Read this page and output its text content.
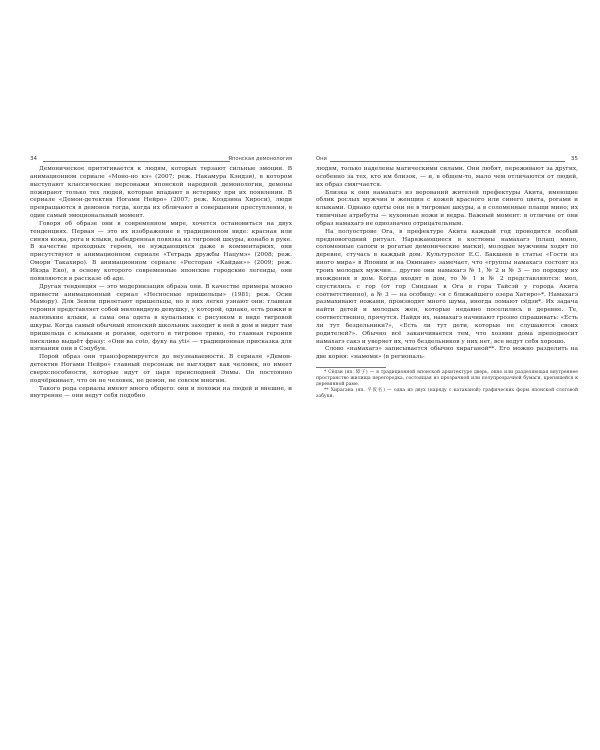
34	Японская демонология

Демоническое притягивается к людям, которых терзают сильные эмоции. В анимационном сериале «Моно-но кэ» (2007; реж. Накамура Кэндзи), в котором выступают классические персонажи японской народной демонологии, демоны пожирают только тех людей, которые впадают в истерику при их появлении. В сериале «Демон-детектив Ногами Нейро» (2007; реж. Коэдзина Хироси), люди превращаются в демонов тогда, когда их обличают в совершении преступления, в один самый эмоциональный момент.

Говоря об образе они в современном мире, хочется остановиться на двух тенденциях. Первая — это их изображение в традиционном виде: красная или синяя кожа, рога и клыки, набедренная повязка из тигровой шкуры, конабо в руке. В качестве проходных героев, не нуждающихся даже в комментариях, они присутствуют в анимационном сериале «Тетрадь дружбы Нацумэ» (2008; реж. Омори Такахиро). В анимационном сериале «Ресторан «Кайдан»» (2009; реж. Иkэда Еко), в основу которого современные японские городские легенды, они появляются в рассказе об аде.

Другая тенденция — это модернизация образа они. В качестве примера можно привести анимационный сериал «Несносные пришельцы» (1981; реж. Осии Мамору). Для Земли прилетают пришельцы, но в них легко узнают они: главная героиня представляет собой миловидную девушку, у которой, однако, есть рожки и маленькие клыки, а сама она одета в купальник с рисунком в виде тигровой шкуры. Когда самый обычный японский школьник заходит к ней в дом и видит там пришельца с клыками и рогами, одетого в тигровое трико, то главная героиня пискливо выдаёт фразу: «Они ва соto, фуку ва уti» — традиционная присказка для изгнания они в Сэцубун.

Порой образ они трансформируется до неузнаваемости. В сериале «Демон-детектив Ногами Нейро» главный персонаж не выглядит как человек, но имеет сверхспособности, которые идут от царя преисподней Энмы. Он постоянно подчёркивает, что он не человек, не демон, не совсем многим.

Такого рода сериалы имеют много общего: они и похожи на людей и внешне, и внутренне — они ведут себя подобно

Они	35

людям, только наделены магическими силами. Они любят, переживают за других, особенно за тех, кто им близок, — и, в общем-то, мало чем отличаются от людей, их образ смягчается.

Близка к они намахагэ из верований жителей префектуры Акита, имеющие облик рослых мужчин и женщин с кожей красного или синего цвета, рогами и клыками. Однако одеты они не в тигровые шкуры, а в соломенные плащи мино; их типичные атрибуты — кухонные ножи и ведра. Важный момент: в отличие от они образ намахагэ не однозначно отрицательным.

На полуострове Ога, в префектуре Акита каждый год проводится особый предновогодний ритуал. Наряжающиеся в костюмы намахагэ (плащ мино, соломенные сапоги и рогатые демонические маски), молодые мужчины ходят по деревне, стучась в каждый дом. Культуролог Е.С. Бакшеев в статье «Гости из иного мира» в Японии и на Окинаве» замечает, что «группы намахагэ состоят из троих молодых мужчин… другие они намахагэ № 1, № 2 и № 3 — по порядку их вхождения в дом. Когда входят в дом, то № 1 и № 2 представляются: мол, спустились с гор (от гор Синдзан в Ога в гора Тайсэй у города Акита соответственно), а № 3 — на особицу: «я с ближайшего озера Хатиро»*. Намахагэ размахивают ножами, производят много шума, иногда ломают сёдзи*. Их задача найти детей и молодых жен, которые недавно поселились в деревне. Те, соответственно, прячутся. Найдя их, намахагэ начинают грозно спрашивать: «Есть ли тут бездельники?», «Есть ли тут дети, которые не слушаются своих родителей?». Обычно всё заканчивается тем, что хозяин дома преподносит намахагэ сакэ и уверяет их, что бездельников у них нет, все ведут себя хорошо.

Слово «намахагэ» записывается обычно хираганой**. Его можно разделить на две корня: «намоми» (в региональ-

* Сёдзи (яп. 障子) — в традиционной японской архитектуре дверь, окно или разделяющая внутреннее пространство жилища перегородка, состоящая из прозрачной или полупрозрачной бумаги, крепящейся к деревянной раме.

** Хирагана (яп. 平仮名) — одна из двух (наряду с катаканой) графических форм японской слоговой азбуки.
